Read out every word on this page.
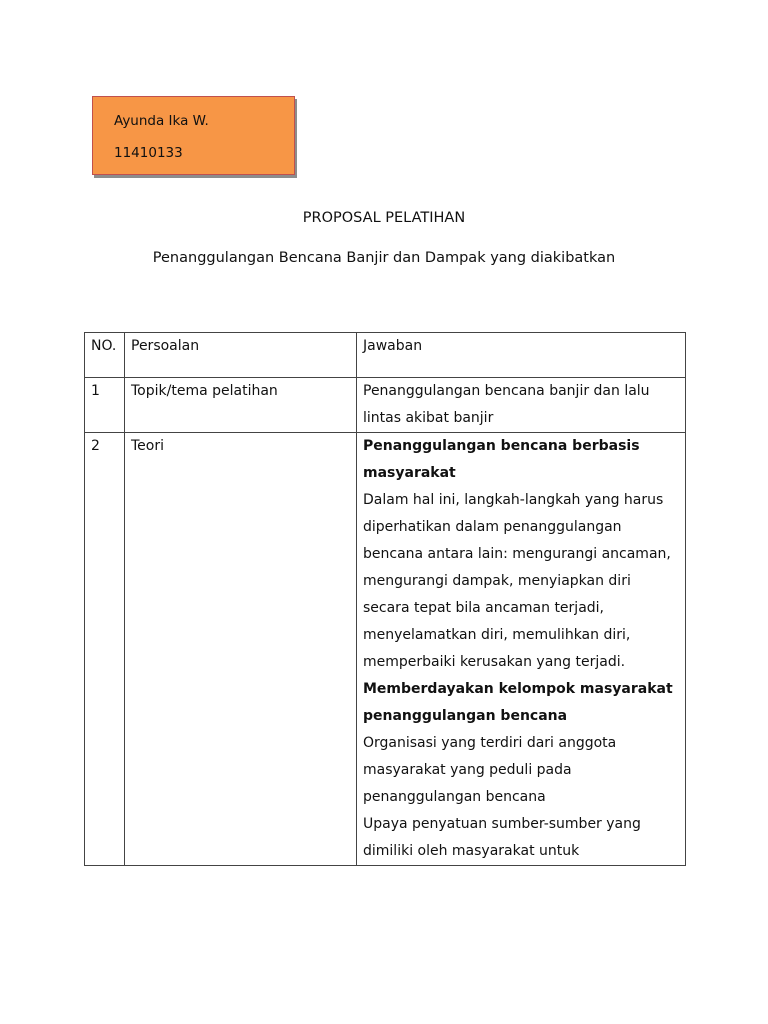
Ayunda Ika W.
11410133
PROPOSAL PELATIHAN
Penanggulangan Bencana Banjir dan Dampak yang diakibatkan
NO.	Persoalan	Jawaban
1	Topik/tema pelatihan	Penanggulangan bencana banjir dan lalu lintas akibat banjir
2	Teori	Penanggulangan bencana berbasis masyarakat
Dalam hal ini, langkah-langkah yang harus diperhatikan dalam penanggulangan bencana antara lain: mengurangi ancaman, mengurangi dampak, menyiapkan diri secara tepat bila ancaman terjadi, menyelamatkan diri, memulihkan diri, memperbaiki kerusakan yang terjadi.
Memberdayakan kelompok masyarakat penanggulangan bencana
Organisasi yang terdiri dari anggota masyarakat yang peduli pada penanggulangan bencana
Upaya penyatuan sumber-sumber yang dimiliki oleh masyarakat untuk
